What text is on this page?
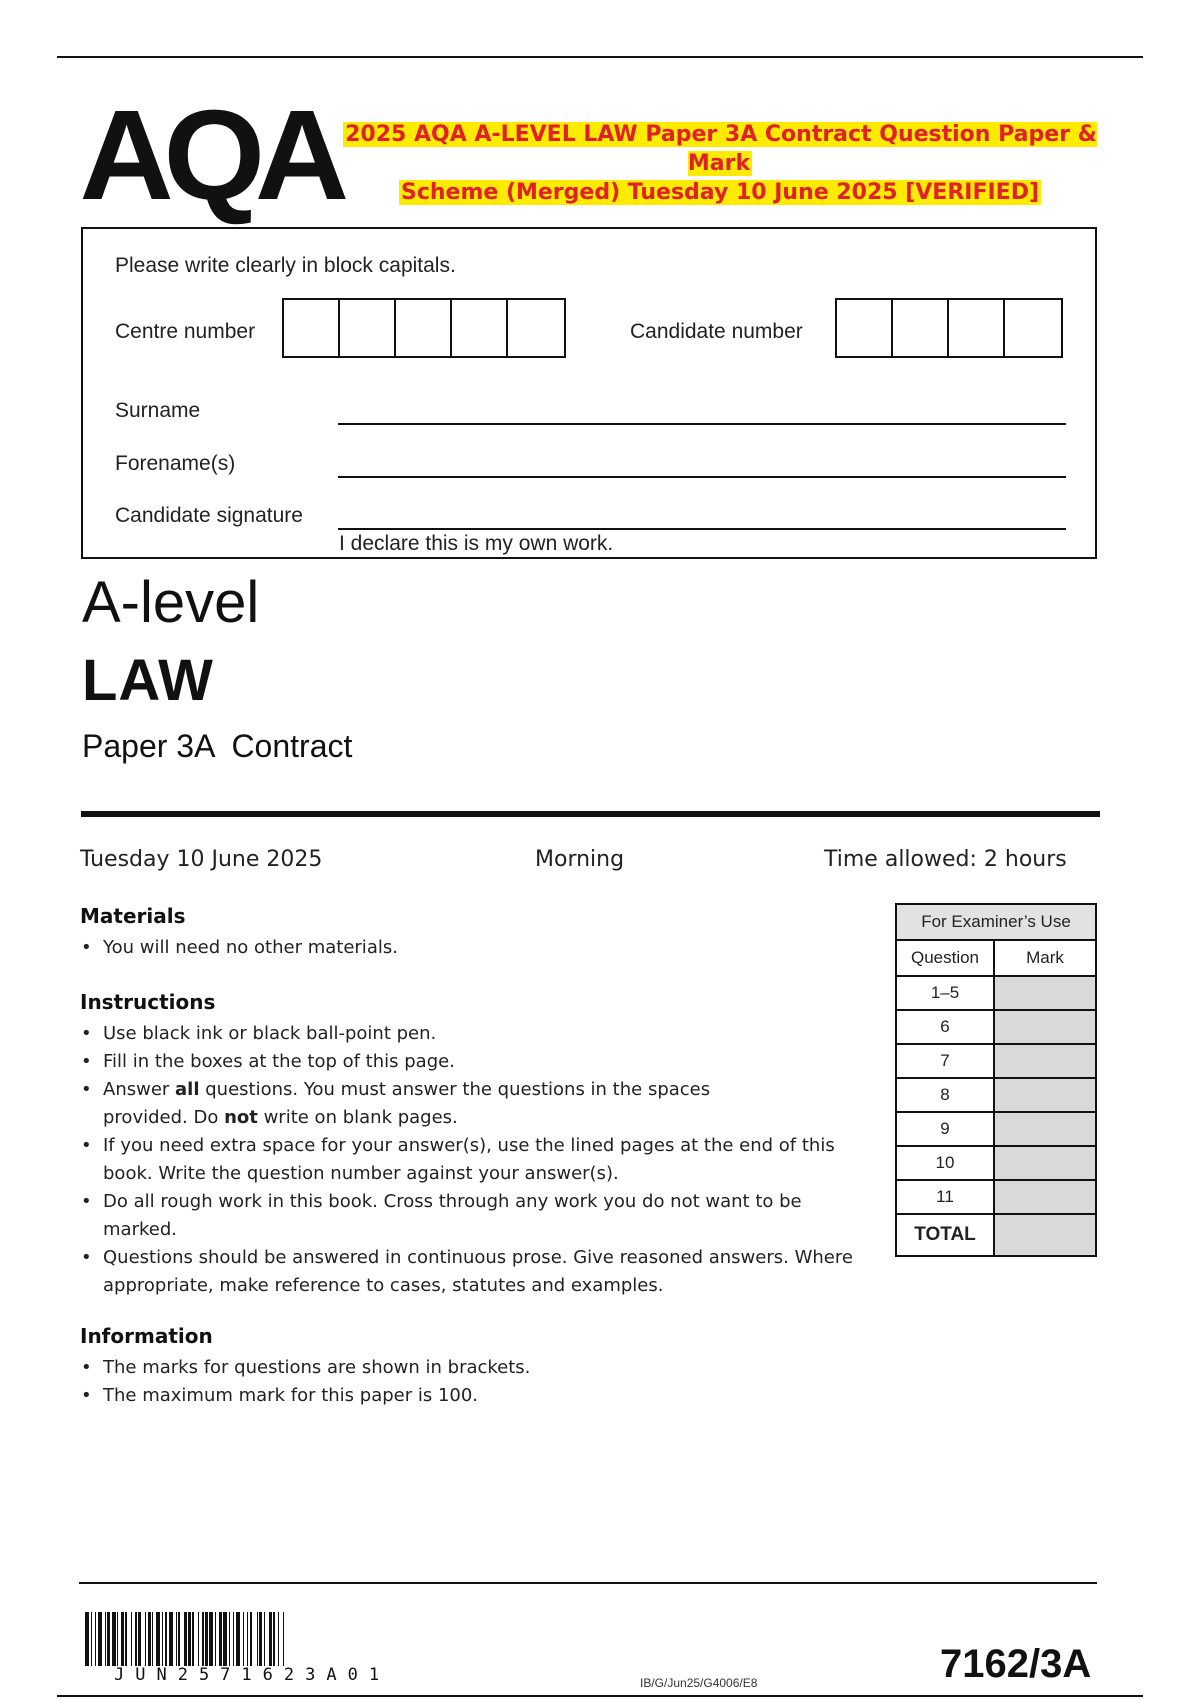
AQA 2025 AQA A-LEVEL LAW Paper 3A Contract Question Paper & Mark
Scheme (Merged) Tuesday 10 June 2025 [VERIFIED]
Please write clearly in block capitals.
Centre number	Candidate number
Surname
Forename(s)
Candidate signature
I declare this is my own work.
A-level
LAW
Paper 3A  Contract
Tuesday 10 June 2025	Morning	Time allowed: 2 hours
Materials
• You will need no other materials.
Instructions
• Use black ink or black ball-point pen.
• Fill in the boxes at the top of this page.
• Answer all questions. You must answer the questions in the spaces provided. Do not write on blank pages.
• If you need extra space for your answer(s), use the lined pages at the end of this book. Write the question number against your answer(s).
• Do all rough work in this book. Cross through any work you do not want to be marked.
• Questions should be answered in continuous prose. Give reasoned answers. Where appropriate, make reference to cases, statutes and examples.
Information
• The marks for questions are shown in brackets.
• The maximum mark for this paper is 100.
For Examiner’s Use	
Question	Mark
1–5	
6	
7	
8	
9	
10	
11	
TOTAL	
JUN2571623A01	IB/G/Jun25/G4006/E8	7162/3A
